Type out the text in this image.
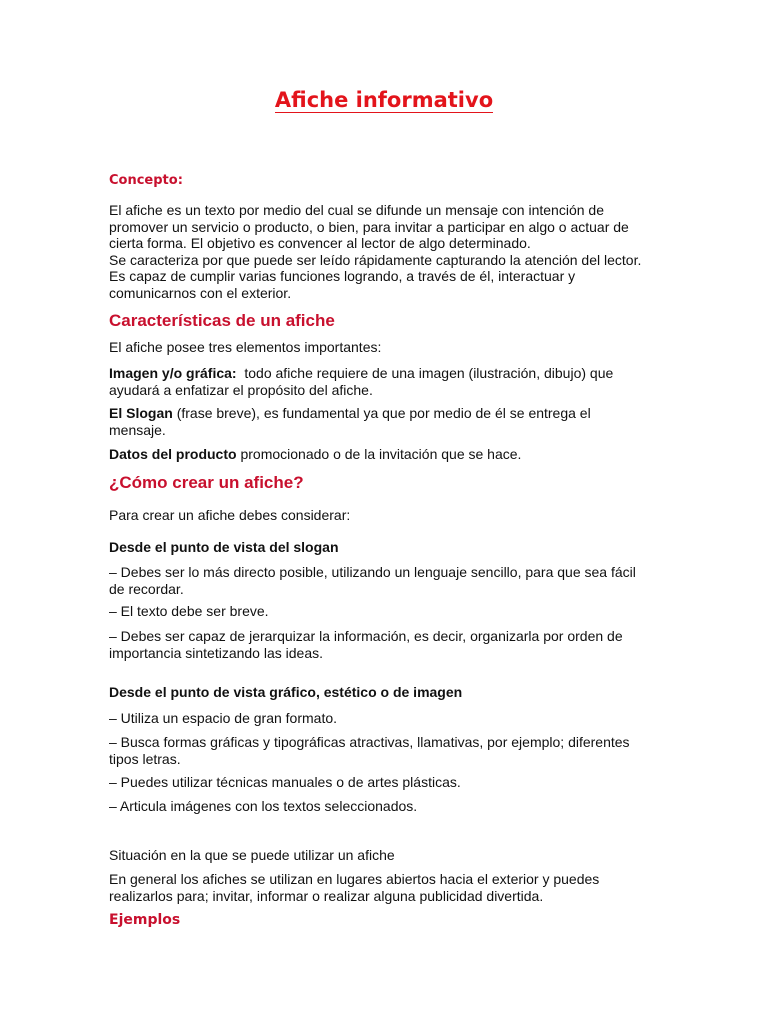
Afiche informativo
Concepto:
El afiche es un texto por medio del cual se difunde un mensaje con intención de
promover un servicio o producto, o bien, para invitar a participar en algo o actuar de
cierta forma. El objetivo es convencer al lector de algo determinado.
Se caracteriza por que puede ser leído rápidamente capturando la atención del lector.
Es capaz de cumplir varias funciones logrando, a través de él, interactuar y
comunicarnos con el exterior.
Características de un afiche
El afiche posee tres elementos importantes:
Imagen y/o gráfica: todo afiche requiere de una imagen (ilustración, dibujo) que
ayudará a enfatizar el propósito del afiche.
El Slogan (frase breve), es fundamental ya que por medio de él se entrega el
mensaje.
Datos del producto promocionado o de la invitación que se hace.
¿Cómo crear un afiche?
Para crear un afiche debes considerar:
Desde el punto de vista del slogan
– Debes ser lo más directo posible, utilizando un lenguaje sencillo, para que sea fácil
de recordar.
– El texto debe ser breve.
– Debes ser capaz de jerarquizar la información, es decir, organizarla por orden de
importancia sintetizando las ideas.
Desde el punto de vista gráfico, estético o de imagen
– Utiliza un espacio de gran formato.
– Busca formas gráficas y tipográficas atractivas, llamativas, por ejemplo; diferentes
tipos letras.
– Puedes utilizar técnicas manuales o de artes plásticas.
– Articula imágenes con los textos seleccionados.
Situación en la que se puede utilizar un afiche
En general los afiches se utilizan en lugares abiertos hacia el exterior y puedes
realizarlos para; invitar, informar o realizar alguna publicidad divertida.
Ejemplos
